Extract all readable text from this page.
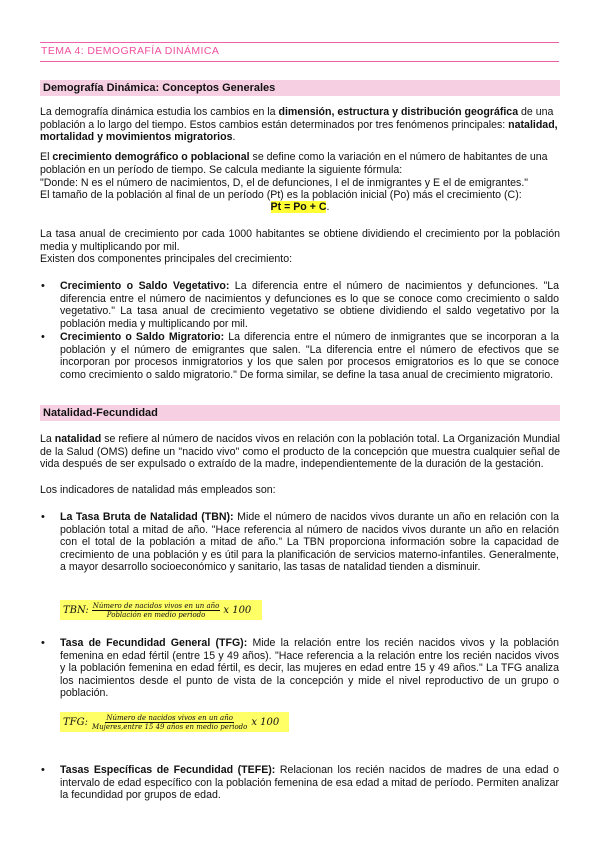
TEMA 4: DEMOGRAFÍA DINÁMICA
Demografía Dinámica: Conceptos Generales

La demografía dinámica estudia los cambios en la dimensión, estructura y distribución geográfica de una población a lo largo del tiempo. Estos cambios están determinados por tres fenómenos principales: natalidad, mortalidad y movimientos migratorios.

El crecimiento demográfico o poblacional se define como la variación en el número de habitantes de una población en un período de tiempo. Se calcula mediante la siguiente fórmula:

"Donde: N es el número de nacimientos, D, el de defunciones, I el de inmigrantes y E el de emigrantes."

El tamaño de la población al final de un período (Pt) es la población inicial (Po) más el crecimiento (C):

Pt = Po + C.

La tasa anual de crecimiento por cada 1000 habitantes se obtiene dividiendo el crecimiento por la población media y multiplicando por mil.

Existen dos componentes principales del crecimiento:

• Crecimiento o Saldo Vegetativo: La diferencia entre el número de nacimientos y defunciones. "La diferencia entre el número de nacimientos y defunciones es lo que se conoce como crecimiento o saldo vegetativo." La tasa anual de crecimiento vegetativo se obtiene dividiendo el saldo vegetativo por la población media y multiplicando por mil.
• Crecimiento o Saldo Migratorio: La diferencia entre el número de inmigrantes que se incorporan a la población y el número de emigrantes que salen. "La diferencia entre el número de efectivos que se incorporan por procesos inmigratorios y los que salen por procesos emigratorios es lo que se conoce como crecimiento o saldo migratorio." De forma similar, se define la tasa anual de crecimiento migratorio.
Natalidad-Fecundidad

La natalidad se refiere al número de nacidos vivos en relación con la población total. La Organización Mundial de la Salud (OMS) define un "nacido vivo" como el producto de la concepción que muestra cualquier señal de vida después de ser expulsado o extraído de la madre, independientemente de la duración de la gestación.

Los indicadores de natalidad más empleados son:

• La Tasa Bruta de Natalidad (TBN): Mide el número de nacidos vivos durante un año en relación con la población total a mitad de año. "Hace referencia al número de nacidos vivos durante un año en relación con el total de la población a mitad de año." La TBN proporciona información sobre la capacidad de crecimiento de una población y es útil para la planificación de servicios materno-infantiles. Generalmente, a mayor desarrollo socioeconómico y sanitario, las tasas de natalidad tienden a disminuir.
TBN: $\frac{\text{Número de nacidos vivos en un año}}{\text{Población en medio periodo}}$ x 100
• Tasa de Fecundidad General (TFG): Mide la relación entre los recién nacidos vivos y la población femenina en edad fértil (entre 15 y 49 años). "Hace referencia a la relación entre los recién nacidos vivos y la población femenina en edad fértil, es decir, las mujeres en edad entre 15 y 49 años." La TFG analiza los nacimientos desde el punto de vista de la concepción y mide el nivel reproductivo de un grupo o población.
TFG: $\frac{\text{Número de nacidos vivos en un año}}{\text{Mujeres,entre 15 49 años en medio periodo}}$ x 100
• Tasas Específicas de Fecundidad (TEFE): Relacionan los recién nacidos de madres de una edad o intervalo de edad específico con la población femenina de esa edad a mitad de período. Permiten analizar la fecundidad por grupos de edad.
